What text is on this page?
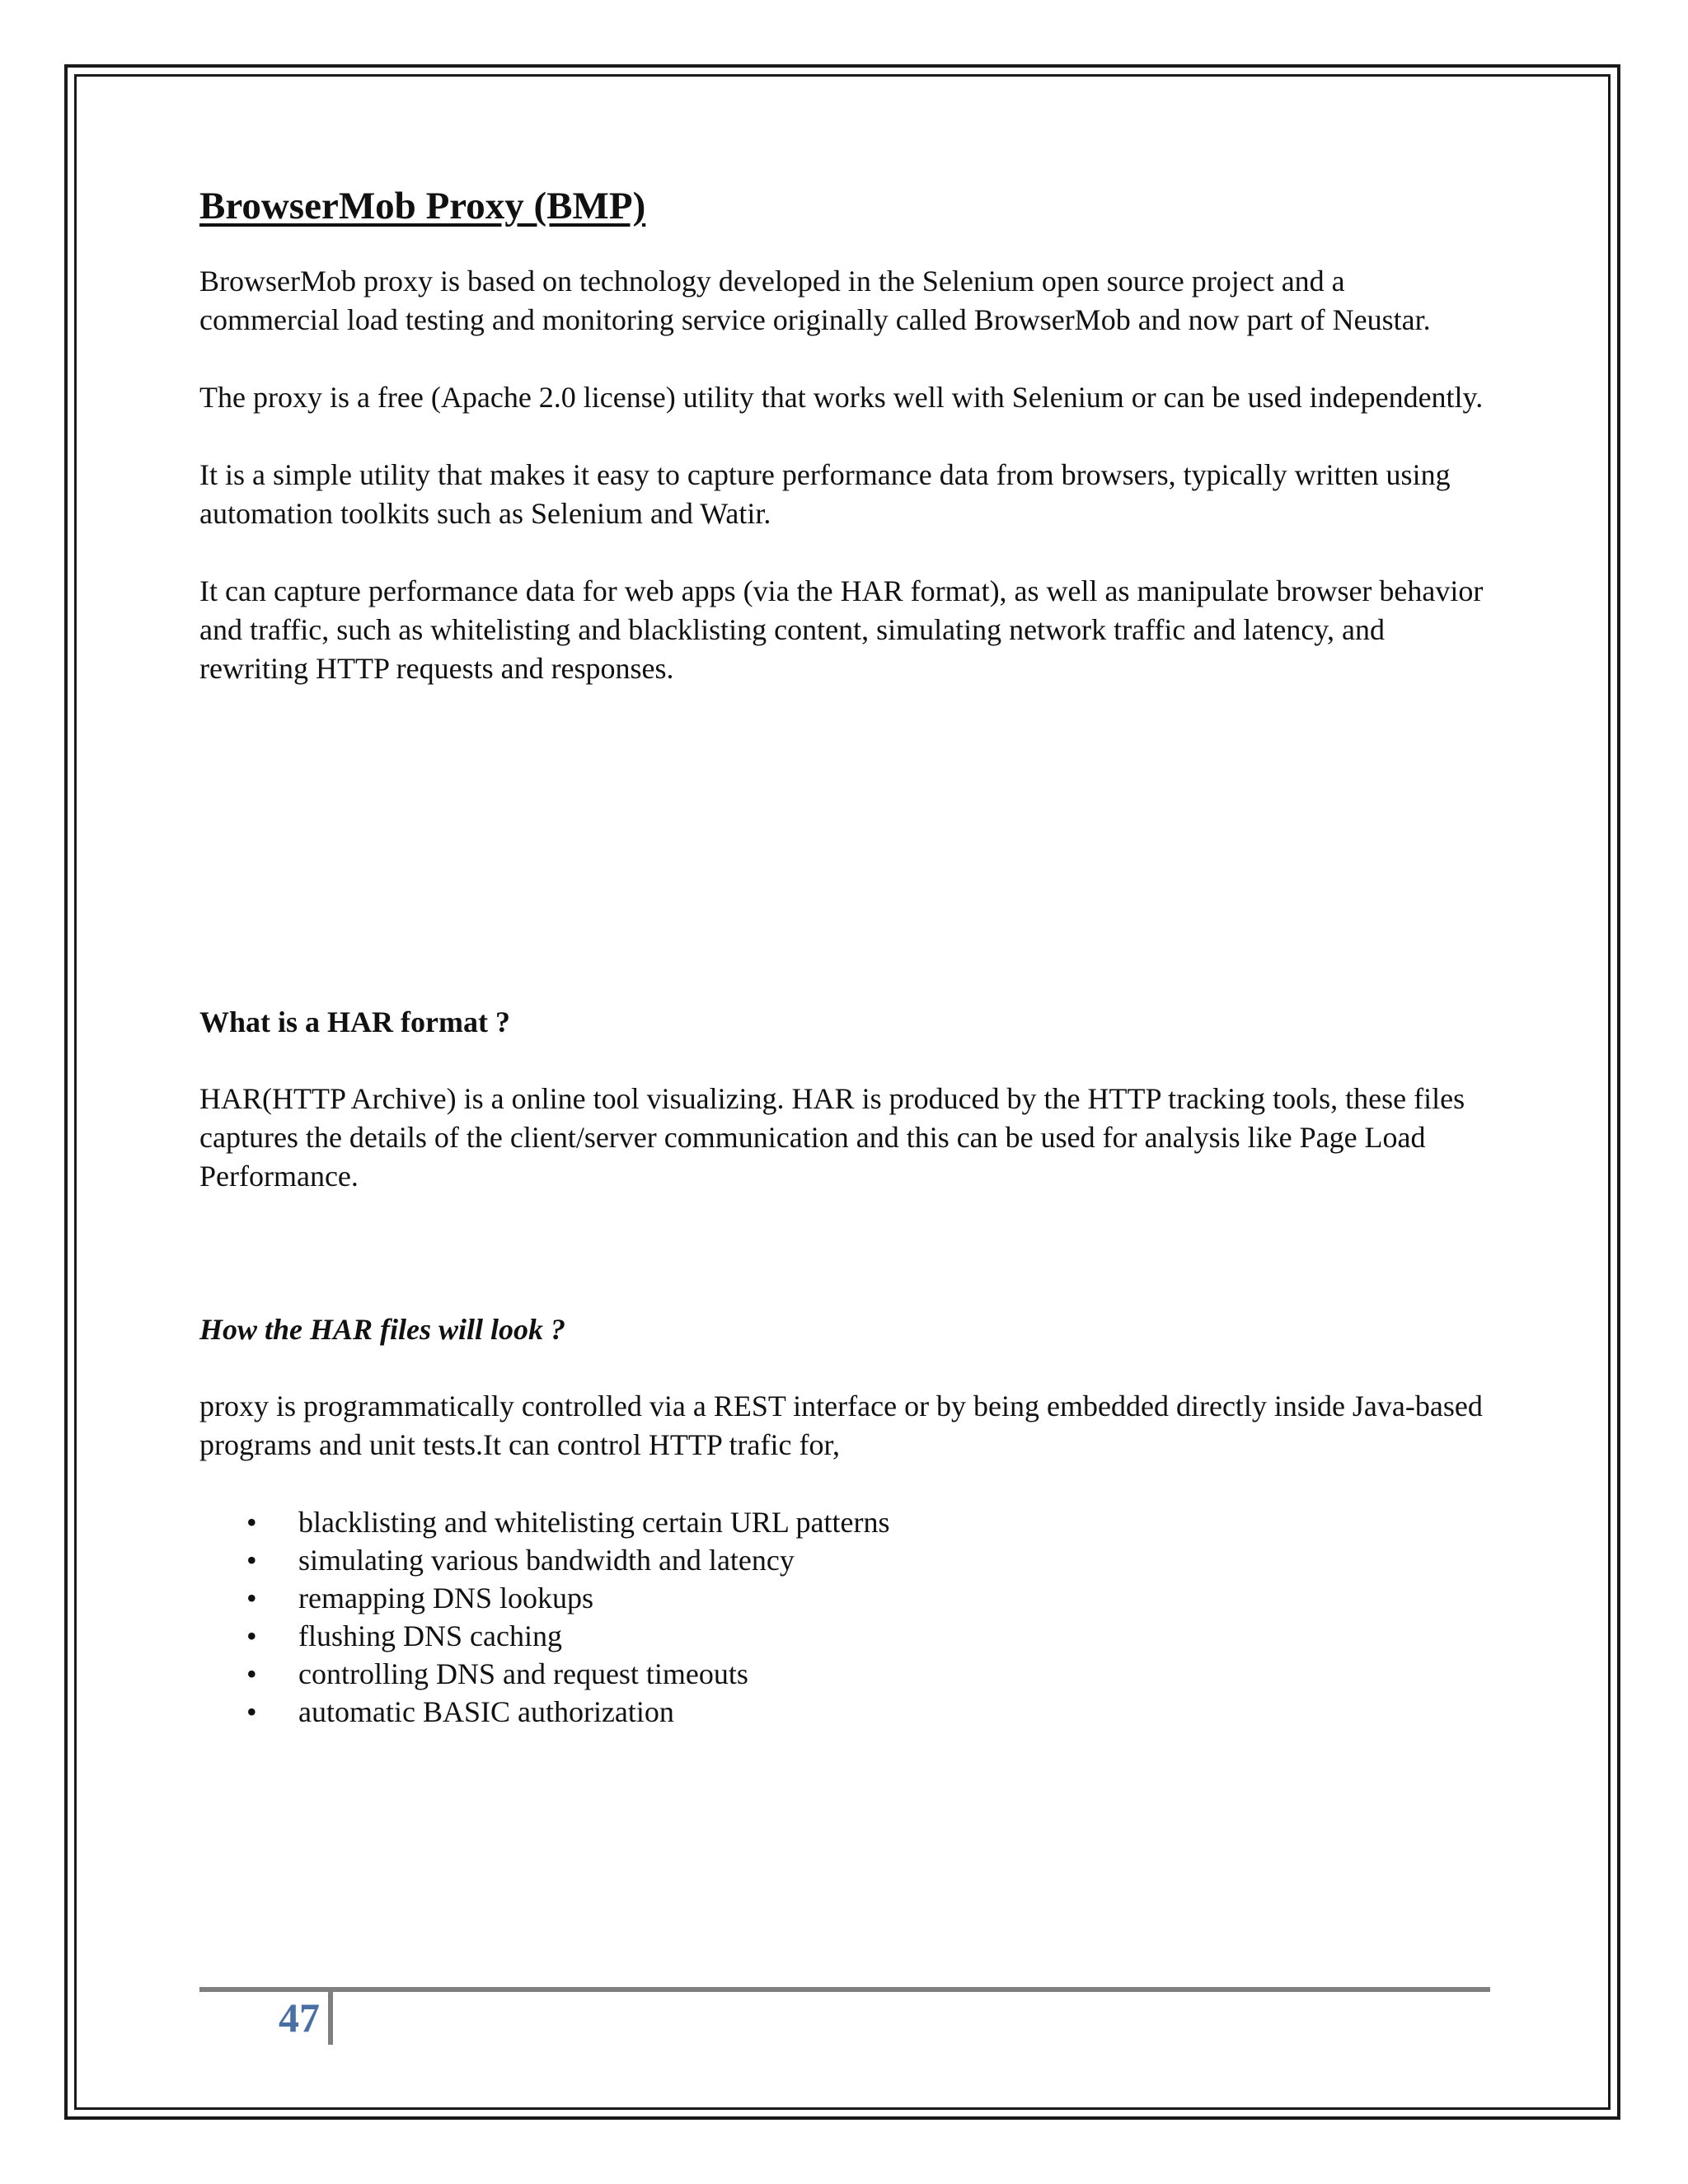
BrowserMob Proxy (BMP)

BrowserMob proxy is based on technology developed in the Selenium open source project and a commercial load testing and monitoring service originally called BrowserMob and now part of Neustar.

The proxy is a free (Apache 2.0 license) utility that works well with Selenium or can be used independently.

It is a simple utility that makes it easy to capture performance data from browsers, typically written using automation toolkits such as Selenium and Watir.

It can capture performance data for web apps (via the HAR format), as well as manipulate browser behavior and traffic, such as whitelisting and blacklisting content, simulating network traffic and latency, and rewriting HTTP requests and responses.

What is a HAR format ?

HAR(HTTP Archive) is a online tool visualizing. HAR is produced by the HTTP tracking tools, these files captures the details of the client/server communication and this can be used for analysis like Page Load Performance.

How the HAR files will look ?

proxy is programmatically controlled via a REST interface or by being embedded directly inside Java-based programs and unit tests.It can control HTTP trafic for,

• blacklisting and whitelisting certain URL patterns
• simulating various bandwidth and latency
• remapping DNS lookups
• flushing DNS caching
• controlling DNS and request timeouts
• automatic BASIC authorization
47
